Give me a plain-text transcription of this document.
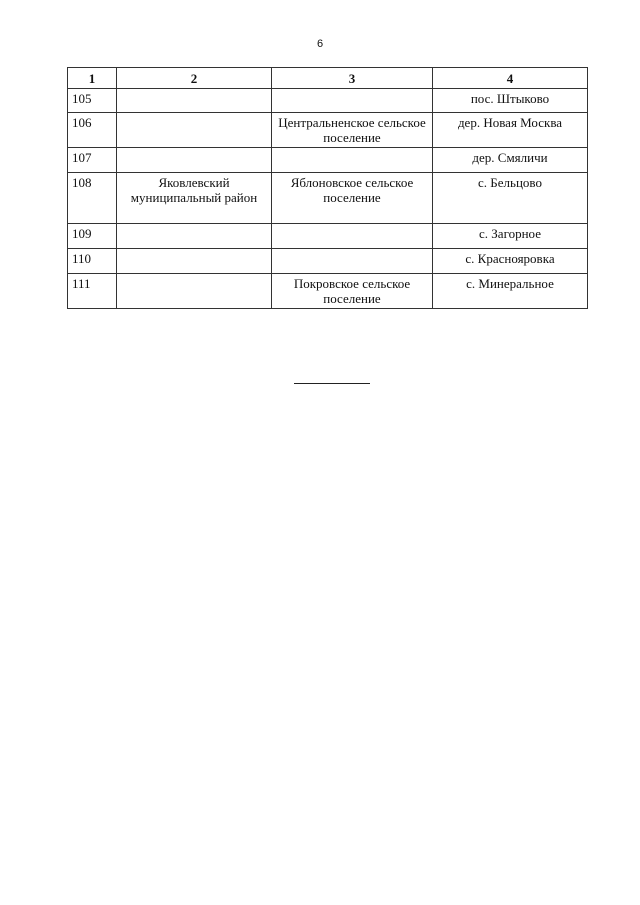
6
1	2	3	4
105			пос. Штыково
106		Центральненское сельское поселение	дер. Новая Москва
107			дер. Смяличи
108	Яковлевский муниципальный район	Яблоновское сельское поселение	с. Бельцово
109			с. Загорное
110			с. Краснояровка
111		Покровское сельское поселение	с. Минеральное
